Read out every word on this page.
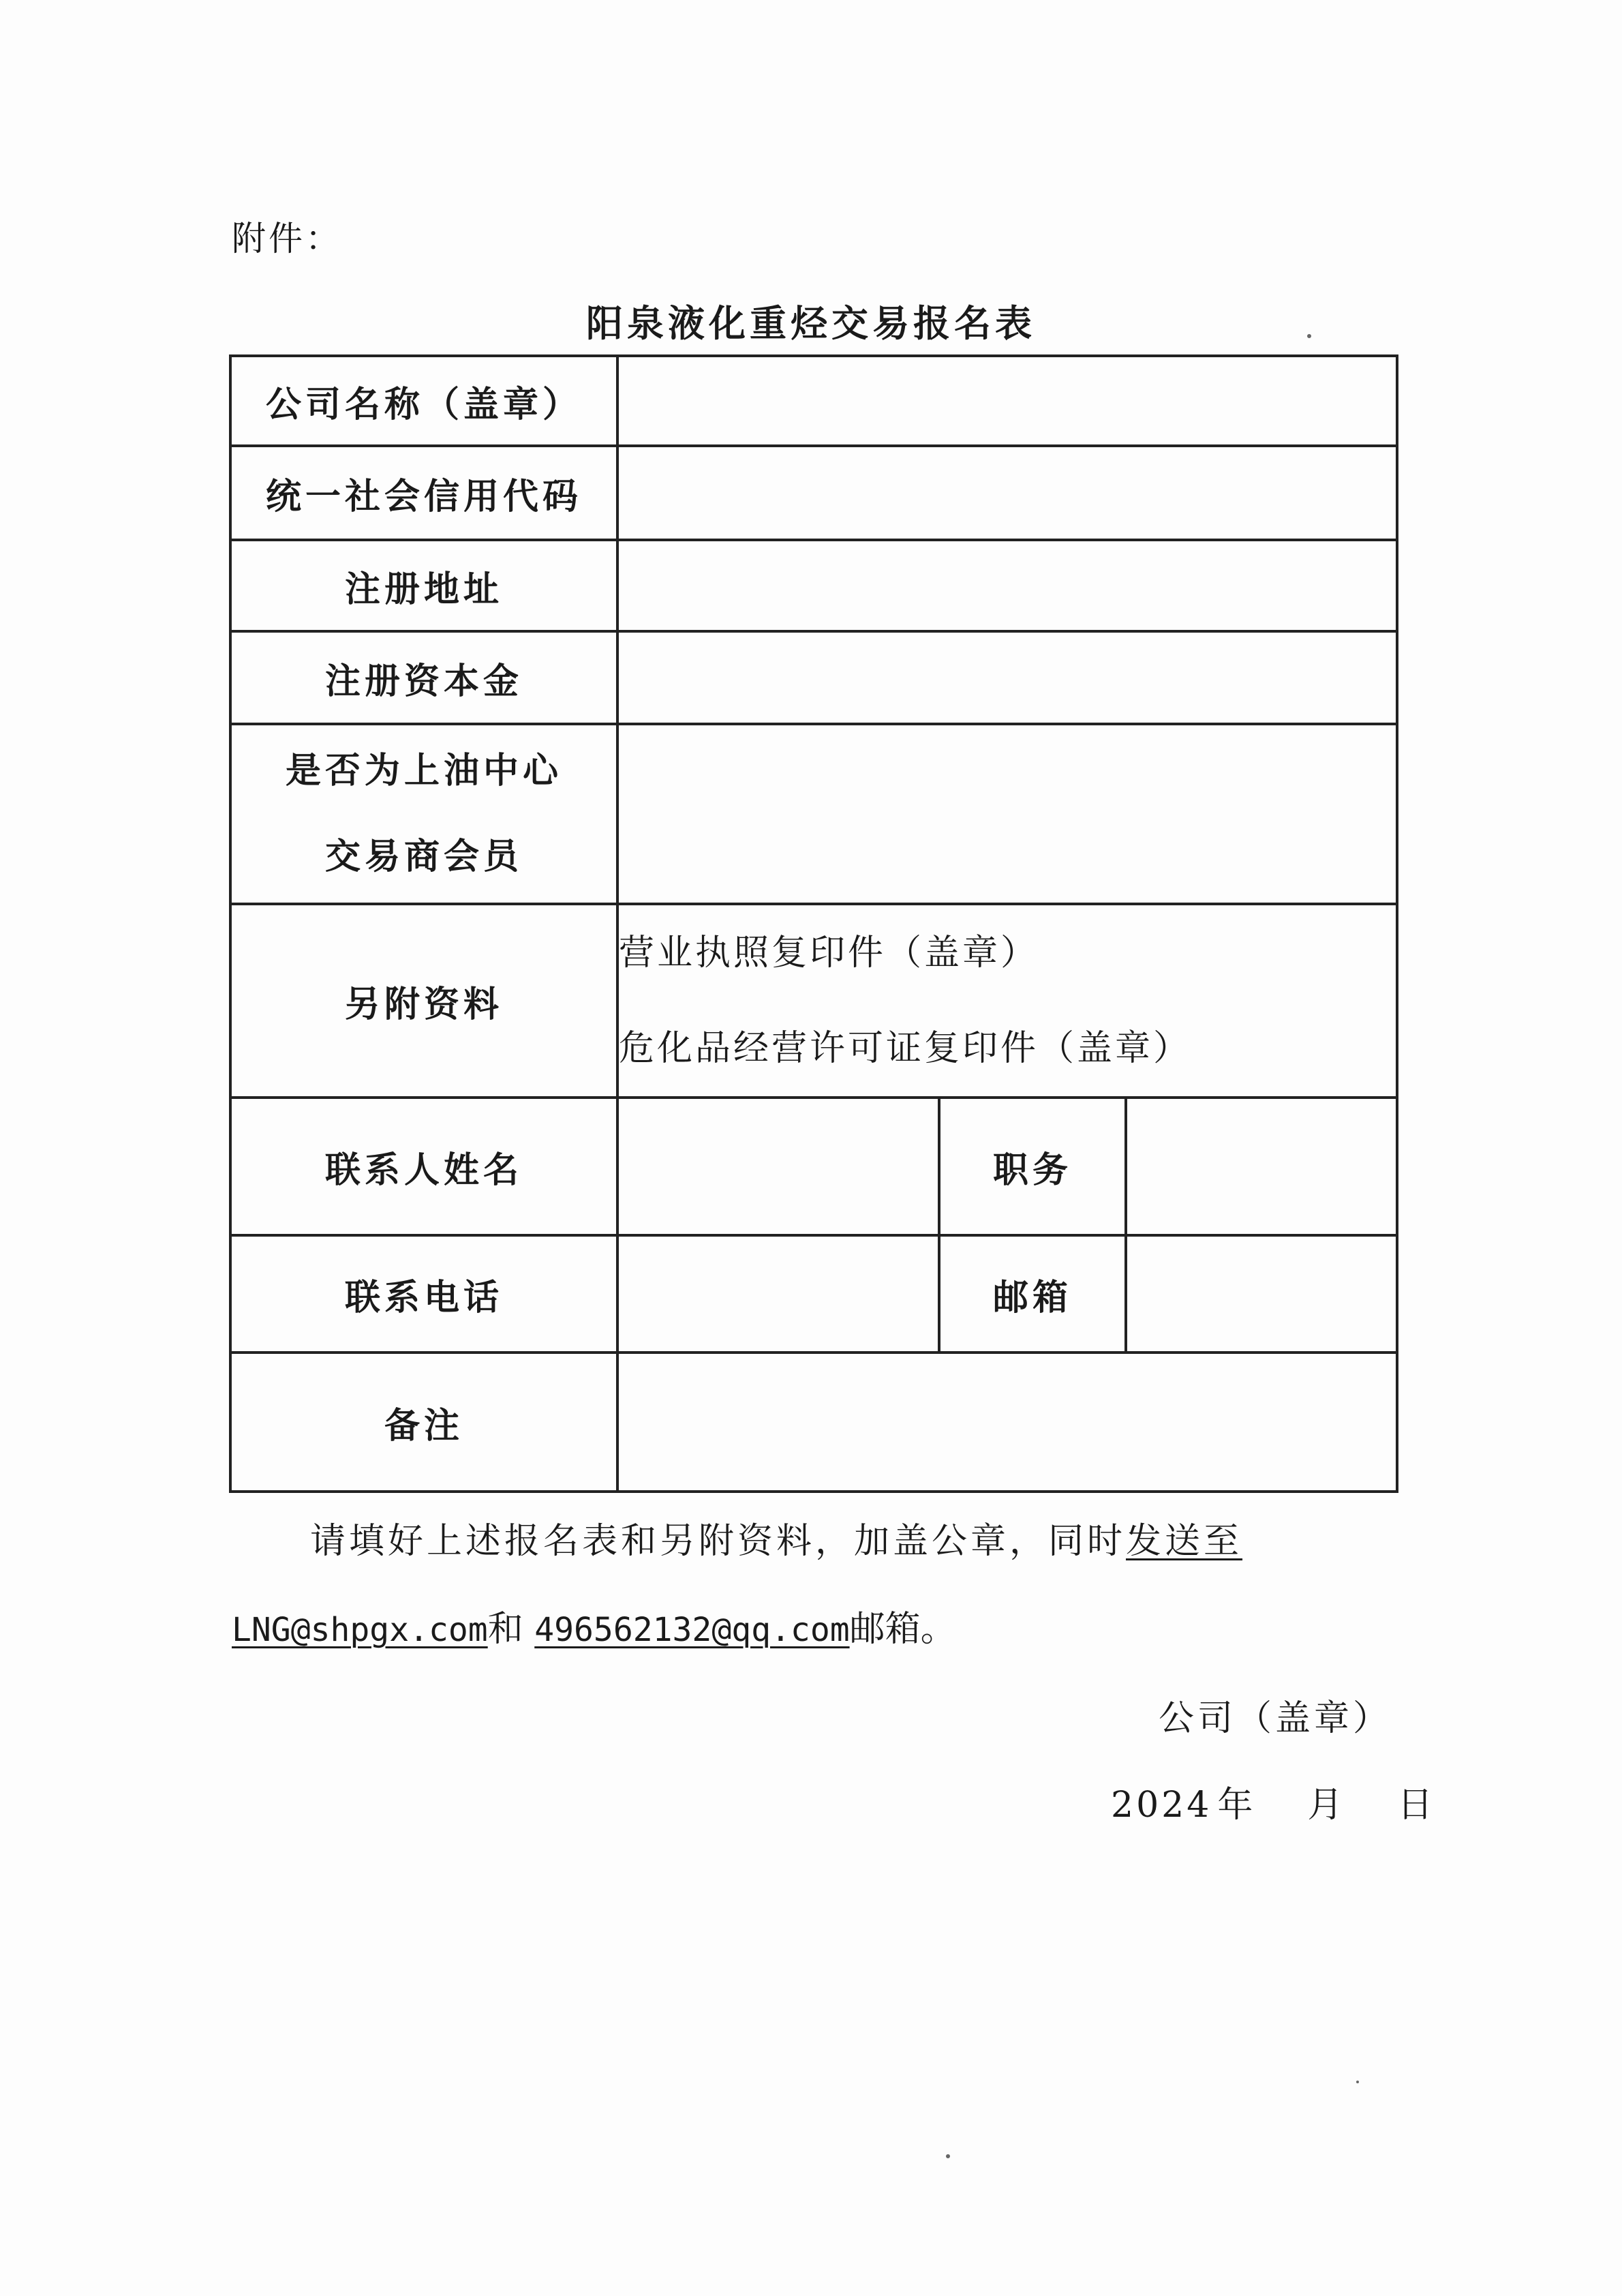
附件：
阳泉液化重烃交易报名表
公司名称（盖章）			
统一社会信用代码			
注册地址			
注册资本金			

是否为上油中心
交易商会员			

另附资料	营业执照复印件（盖章）
危化品经营许可证复印件（盖章）		

联系人姓名		职务	
联系电话		邮箱	
备注			
请填好上述报名表和另附资料，加盖公章，同时发送至
LNG@shpgx.com和 496562132@qq.com邮箱。
公司（盖章）
2024 年 月 日
